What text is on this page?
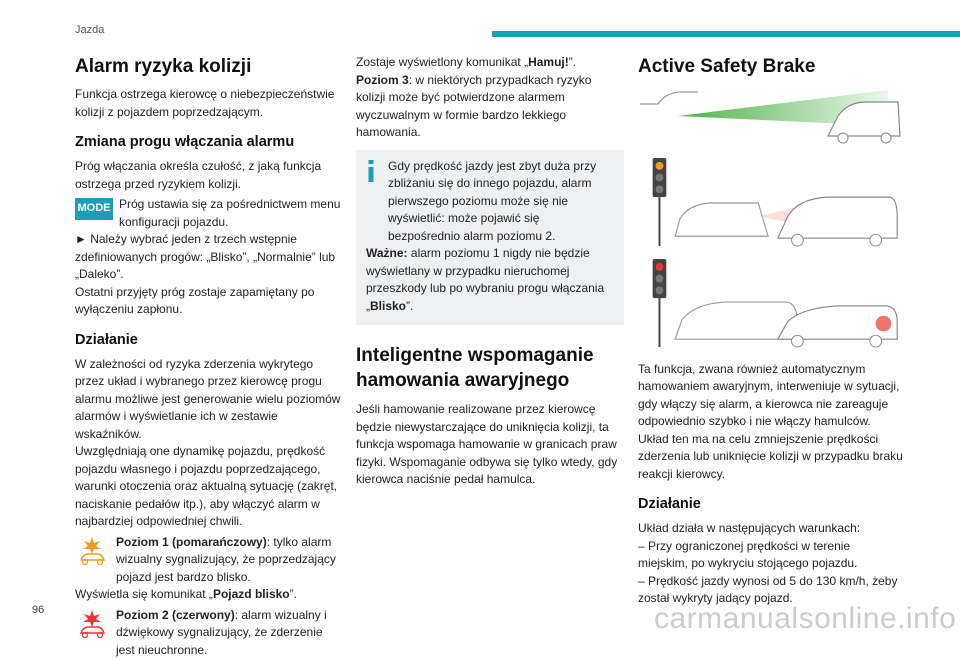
Jazda
Alarm ryzyka kolizji

Funkcja ostrzega kierowcę o niebezpieczeństwie kolizji z pojazdem poprzedzającym.

Zmiana progu włączania alarmu

Próg włączania określa czułość, z jaką funkcja ostrzega przed ryzykiem kolizji.

MODE Próg ustawia się za pośrednictwem menu konfiguracji pojazdu.

► Należy wybrać jeden z trzech wstępnie zdefiniowanych progów: „Blisko”, „Normalnie” lub „Daleko”.

Ostatni przyjęty próg zostaje zapamiętany po wyłączeniu zapłonu.

Działanie

W zależności od ryzyka zderzenia wykrytego przez układ i wybranego przez kierowcę progu alarmu możliwe jest generowanie wielu poziomów alarmów i wyświetlanie ich w zestawie wskaźników.

Uwzględniają one dynamikę pojazdu, prędkość pojazdu własnego i pojazdu poprzedzającego, warunki otoczenia oraz aktualną sytuację (zakręt, naciskanie pedałów itp.), aby włączyć alarm w najbardziej odpowiedniej chwili.

Poziom 1 (pomarańczowy): tylko alarm wizualny sygnalizujący, że poprzedzający pojazd jest bardzo blisko.

Wyświetla się komunikat „Pojazd blisko”.

Poziom 2 (czerwony): alarm wizualny i dźwiękowy sygnalizujący, że zderzenie jest nieuchronne.

Zostaje wyświetlony komunikat „Hamuj!”.

Poziom 3: w niektórych przypadkach ryzyko kolizji może być potwierdzone alarmem wyczuwalnym w formie bardzo lekkiego hamowania.

Gdy prędkość jazdy jest zbyt duża przy zbliżaniu się do innego pojazdu, alarm pierwszego poziomu może się nie wyświetlić: może pojawić się bezpośrednio alarm poziomu 2.

Ważne: alarm poziomu 1 nigdy nie będzie wyświetlany w przypadku nieruchomej przeszkody lub po wybraniu progu włączania „Blisko”.

Inteligentne wspomaganie hamowania awaryjnego

Jeśli hamowanie realizowane przez kierowcę będzie niewystarczające do uniknięcia kolizji, ta funkcja wspomaga hamowanie w granicach praw fizyki. Wspomaganie odbywa się tylko wtedy, gdy kierowca naciśnie pedał hamulca.

Active Safety Brake

Ta funkcja, zwana również automatycznym hamowaniem awaryjnym, interweniuje w sytuacji, gdy włączy się alarm, a kierowca nie zareaguje odpowiednio szybko i nie włączy hamulców.

Układ ten ma na celu zmniejszenie prędkości zderzenia lub uniknięcie kolizji w przypadku braku reakcji kierowcy.

Działanie

Układ działa w następujących warunkach:

– Przy ograniczonej prędkości w terenie miejskim, po wykryciu stojącego pojazdu.

– Prędkość jazdy wynosi od 5 do 130 km/h, żeby został wykryty jadący pojazd.

96	carmanualsonline.info
